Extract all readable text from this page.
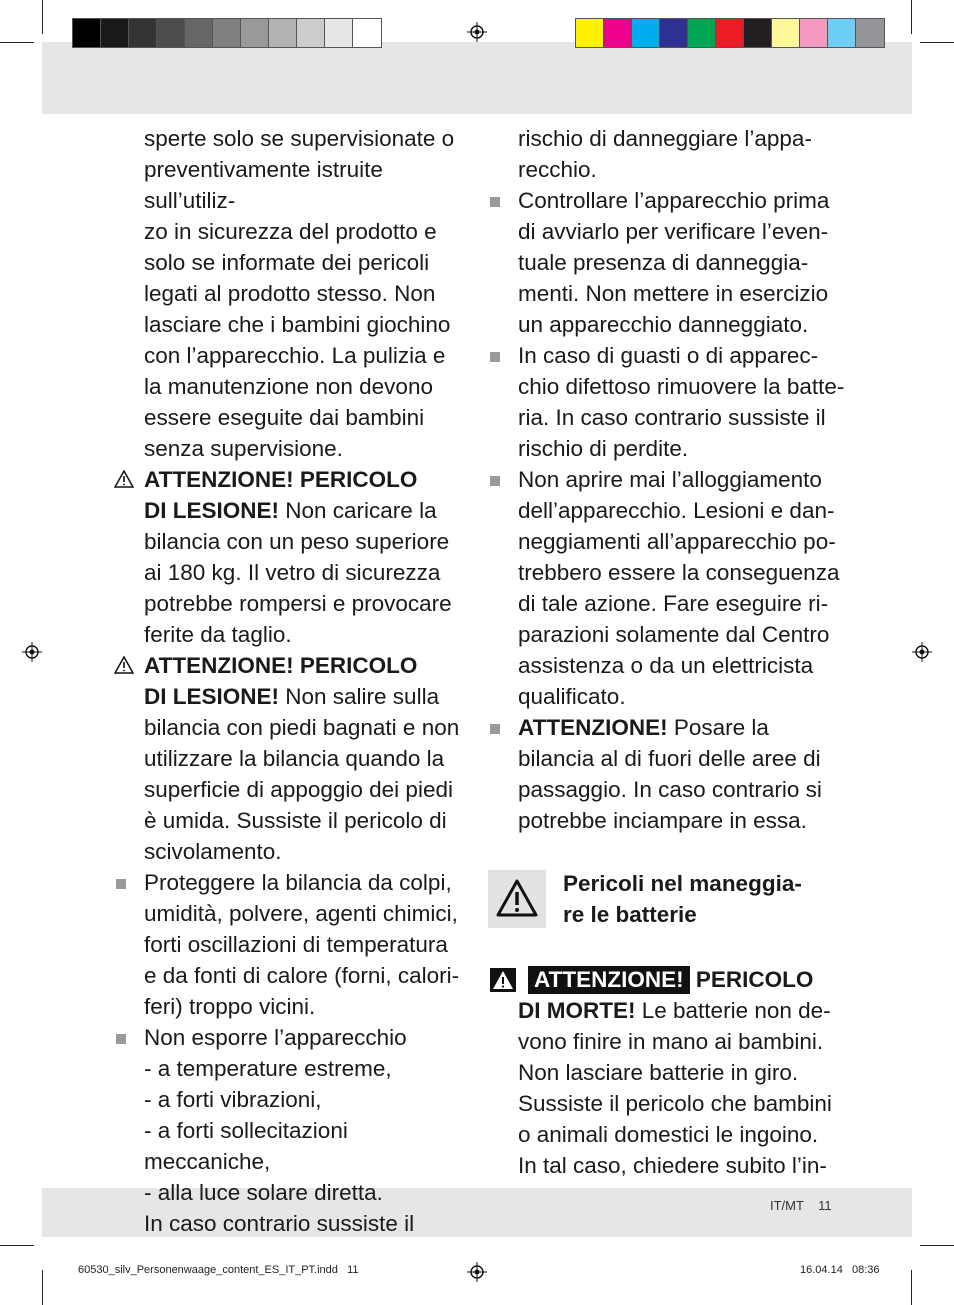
sperte solo se supervisionate o
preventivamente istruite sull’utiliz-
zo in sicurezza del prodotto e
solo se informate dei pericoli
legati al prodotto stesso. Non
lasciare che i bambini giochino
con l’apparecchio. La pulizia e
la manutenzione non devono
essere eseguite dai bambini
senza supervisione.
ATTENZIONE! PERICOLO
DI LESIONE! Non caricare la
bilancia con un peso superiore
ai 180 kg. Il vetro di sicurezza
potrebbe rompersi e provocare
ferite da taglio.
ATTENZIONE! PERICOLO
DI LESIONE! Non salire sulla
bilancia con piedi bagnati e non
utilizzare la bilancia quando la
superficie di appoggio dei piedi
è umida. Sussiste il pericolo di
scivolamento.
Proteggere la bilancia da colpi,
umidità, polvere, agenti chimici,
forti oscillazioni di temperatura
e da fonti di calore (forni, calori-
feri) troppo vicini.
Non esporre l’apparecchio
- a temperature estreme,
- a forti vibrazioni,
- a forti sollecitazioni meccaniche,
- alla luce solare diretta.
In caso contrario sussiste il
rischio di danneggiare l’appa-
recchio.
Controllare l’apparecchio prima
di avviarlo per verificare l’even-
tuale presenza di danneggia-
menti. Non mettere in esercizio
un apparecchio danneggiato.
In caso di guasti o di apparec-
chio difettoso rimuovere la batte-
ria. In caso contrario sussiste il
rischio di perdite.
Non aprire mai l’alloggiamento
dell’apparecchio. Lesioni e dan-
neggiamenti all’apparecchio po-
trebbero essere la conseguenza
di tale azione. Fare eseguire ri-
parazioni solamente dal Centro
assistenza o da un elettricista
qualificato.
ATTENZIONE! Posare la
bilancia al di fuori delle aree di
passaggio. In caso contrario si
potrebbe inciampare in essa.
Pericoli nel maneggia-
re le batterie
ATTENZIONE! PERICOLO
DI MORTE! Le batterie non de-
vono finire in mano ai bambini.
Non lasciare batterie in giro.
Sussiste il pericolo che bambini
o animali domestici le ingoino.
In tal caso, chiedere subito l’in-
IT/MT    11
60530_silv_Personenwaage_content_ES_IT_PT.indd   11	16.04.14   08:36
